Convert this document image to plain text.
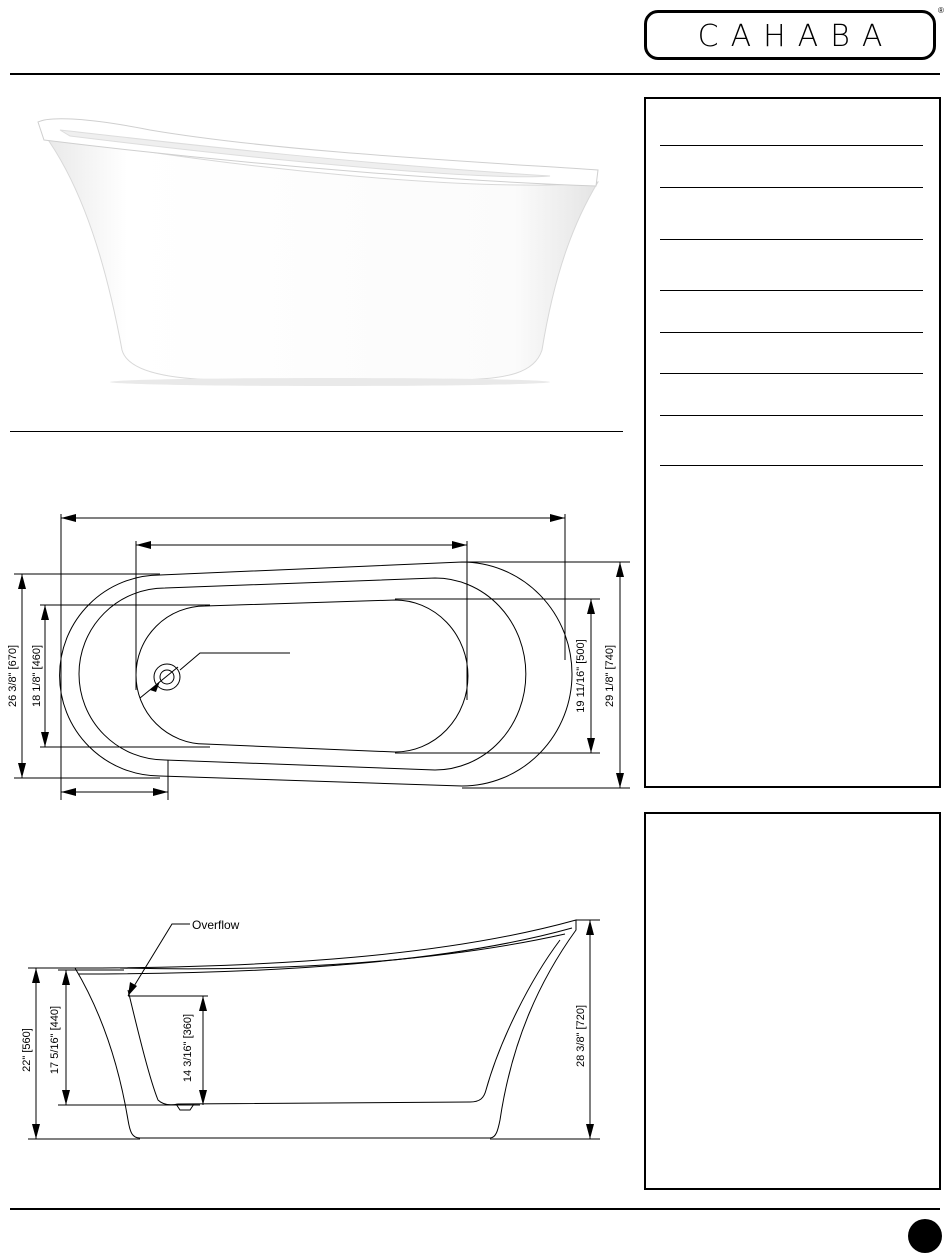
CAHABA
®
26 3/8" [670] 18 1/8" [460]	19 11/16" [500] 29 1/8" [740]
Overflow
22" [560] 17 5/16" [440]	14 3/16" [360]	28 3/8" [720]
